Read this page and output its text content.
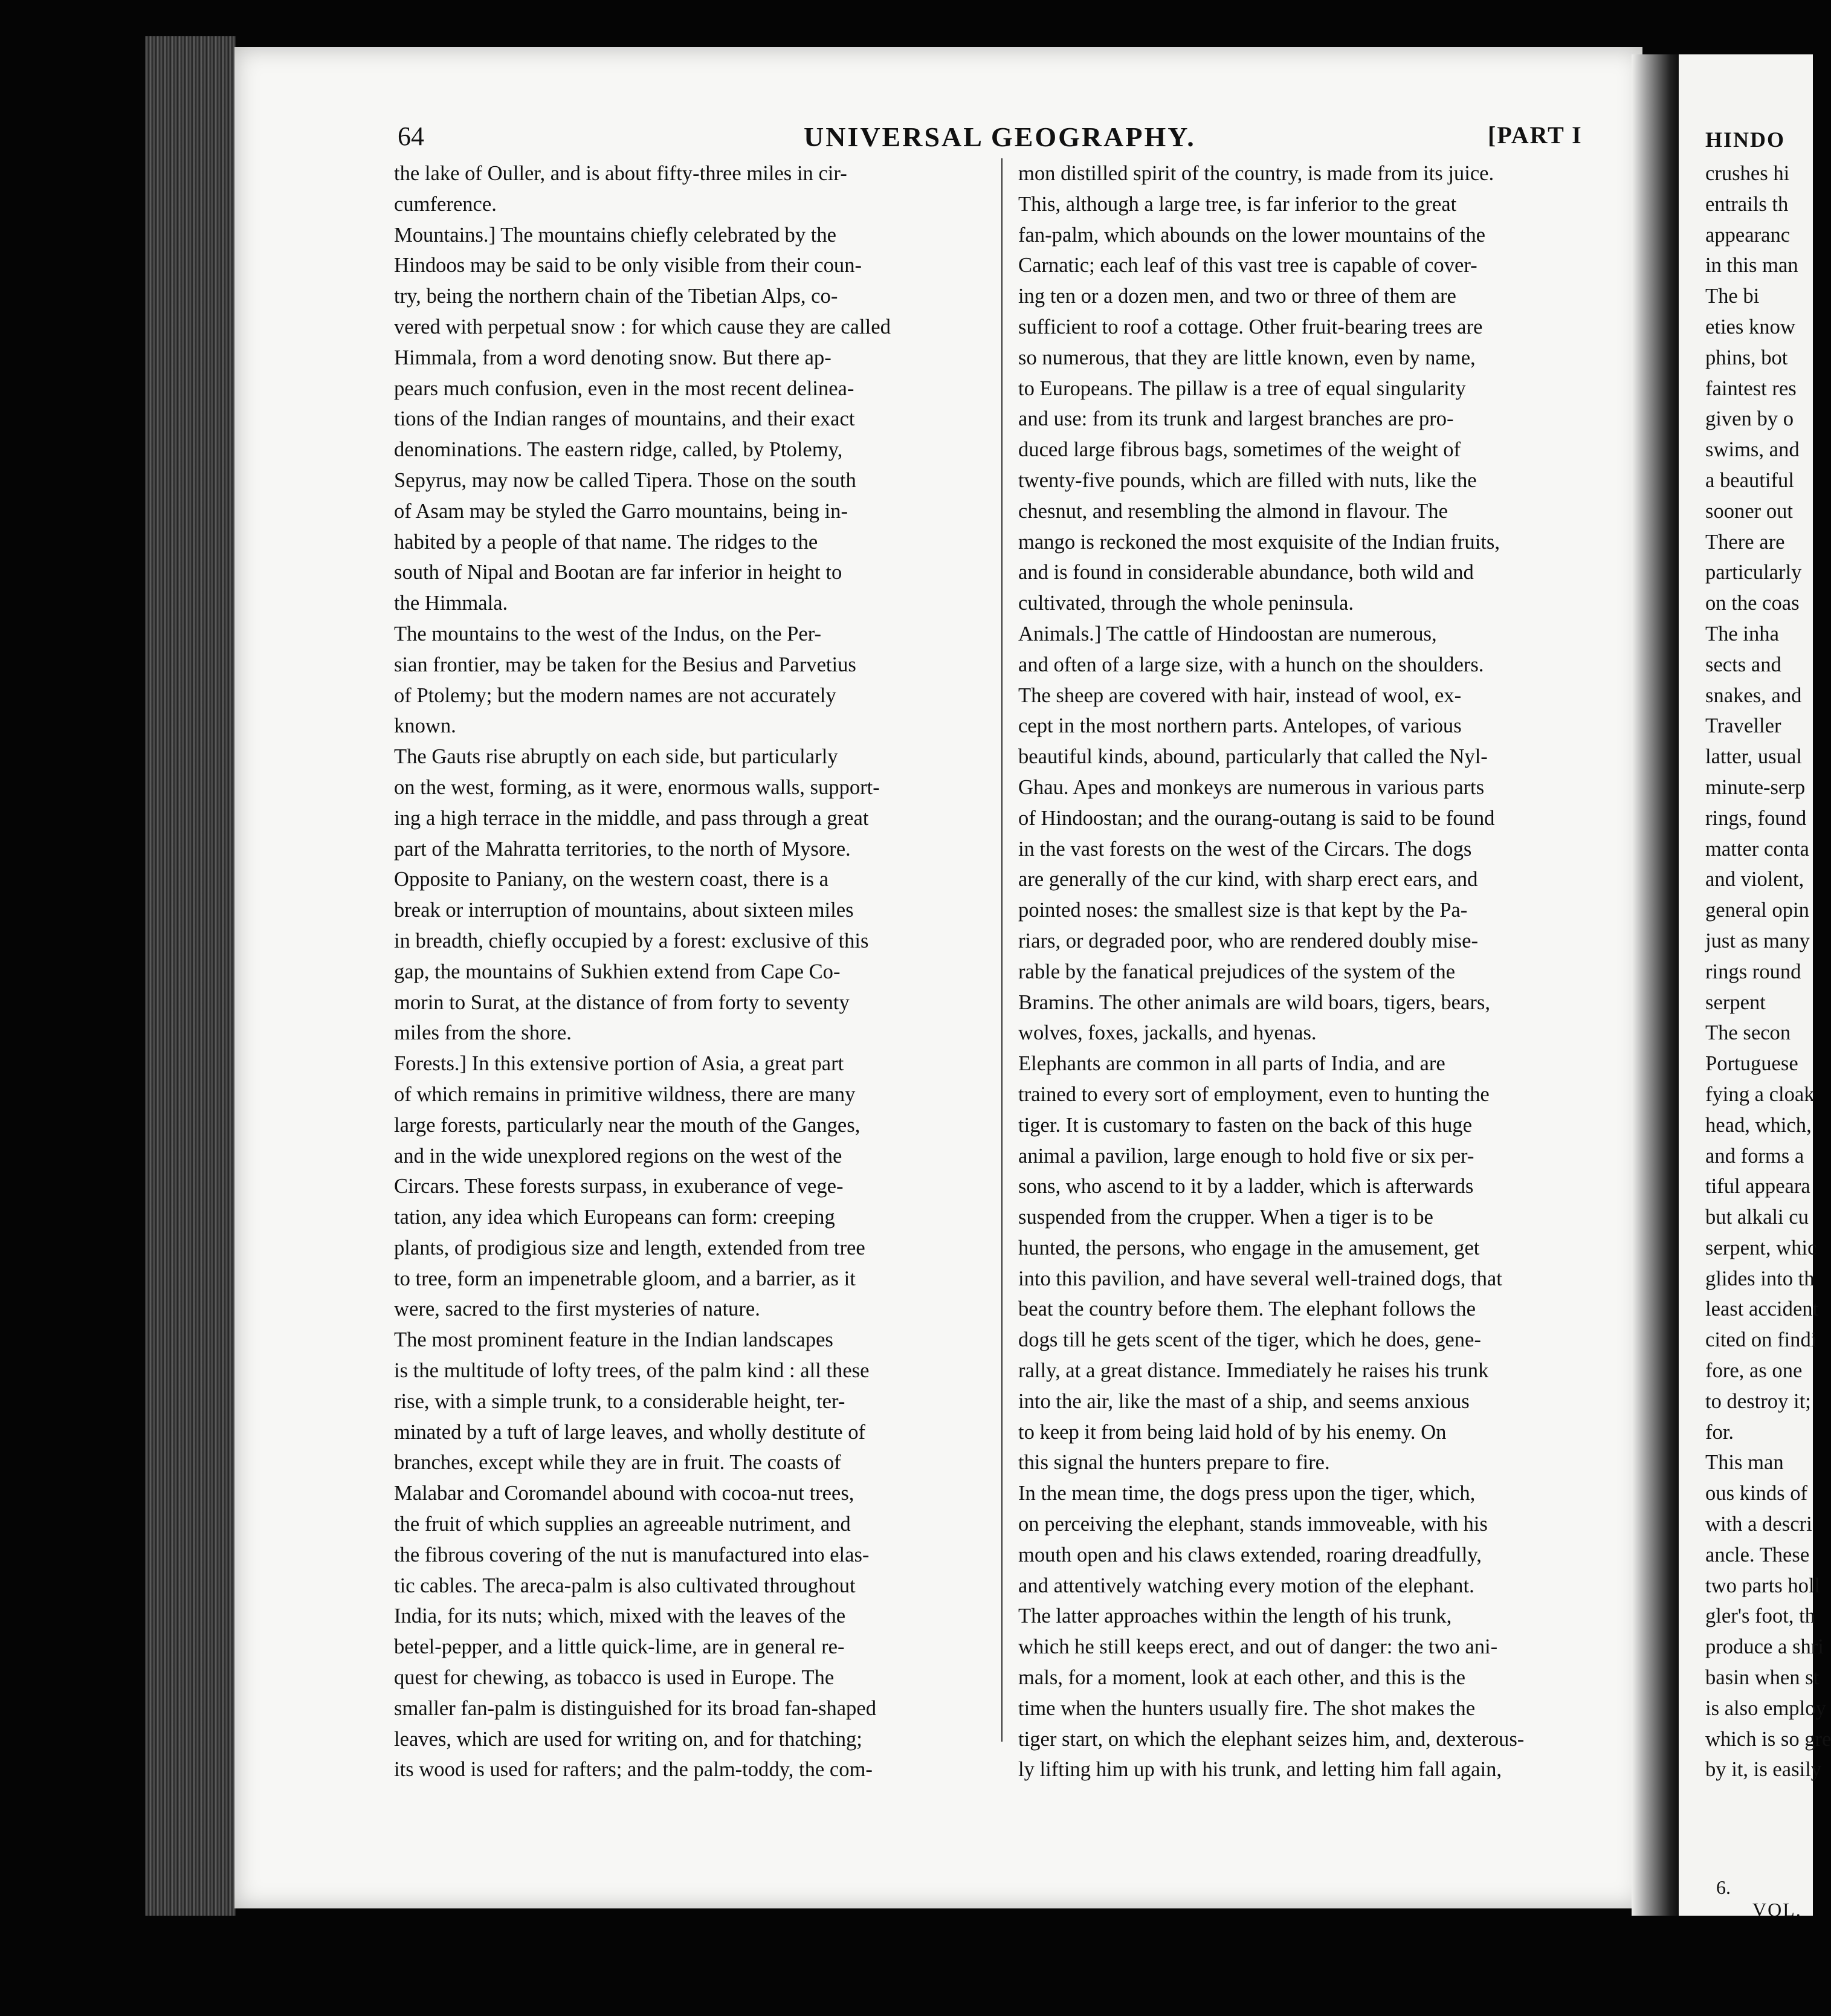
64	UNIVERSAL GEOGRAPHY.	[PART I
the lake of Ouller, and is about fifty-three miles in cir-
cumference.
Mountains.] The mountains chiefly celebrated by the
Hindoos may be said to be only visible from their coun-
try, being the northern chain of the Tibetian Alps, co-
vered with perpetual snow : for which cause they are called
Himmala, from a word denoting snow. But there ap-
pears much confusion, even in the most recent delinea-
tions of the Indian ranges of mountains, and their exact
denominations. The eastern ridge, called, by Ptolemy,
Sepyrus, may now be called Tipera. Those on the south
of Asam may be styled the Garro mountains, being in-
habited by a people of that name. The ridges to the
south of Nipal and Bootan are far inferior in height to
the Himmala.
The mountains to the west of the Indus, on the Per-
sian frontier, may be taken for the Besius and Parvetius
of Ptolemy; but the modern names are not accurately
known.
The Gauts rise abruptly on each side, but particularly
on the west, forming, as it were, enormous walls, support-
ing a high terrace in the middle, and pass through a great
part of the Mahratta territories, to the north of Mysore.
Opposite to Paniany, on the western coast, there is a
break or interruption of mountains, about sixteen miles
in breadth, chiefly occupied by a forest: exclusive of this
gap, the mountains of Sukhien extend from Cape Co-
morin to Surat, at the distance of from forty to seventy
miles from the shore.
Forests.] In this extensive portion of Asia, a great part
of which remains in primitive wildness, there are many
large forests, particularly near the mouth of the Ganges,
and in the wide unexplored regions on the west of the
Circars. These forests surpass, in exuberance of vege-
tation, any idea which Europeans can form: creeping
plants, of prodigious size and length, extended from tree
to tree, form an impenetrable gloom, and a barrier, as it
were, sacred to the first mysteries of nature.
The most prominent feature in the Indian landscapes
is the multitude of lofty trees, of the palm kind : all these
rise, with a simple trunk, to a considerable height, ter-
minated by a tuft of large leaves, and wholly destitute of
branches, except while they are in fruit. The coasts of
Malabar and Coromandel abound with cocoa-nut trees,
the fruit of which supplies an agreeable nutriment, and
the fibrous covering of the nut is manufactured into elas-
tic cables. The areca-palm is also cultivated throughout
India, for its nuts; which, mixed with the leaves of the
betel-pepper, and a little quick-lime, are in general re-
quest for chewing, as tobacco is used in Europe. The
smaller fan-palm is distinguished for its broad fan-shaped
leaves, which are used for writing on, and for thatching;
its wood is used for rafters; and the palm-toddy, the com-
mon distilled spirit of the country, is made from its juice.
This, although a large tree, is far inferior to the great
fan-palm, which abounds on the lower mountains of the
Carnatic; each leaf of this vast tree is capable of cover-
ing ten or a dozen men, and two or three of them are
sufficient to roof a cottage. Other fruit-bearing trees are
so numerous, that they are little known, even by name,
to Europeans. The pillaw is a tree of equal singularity
and use: from its trunk and largest branches are pro-
duced large fibrous bags, sometimes of the weight of
twenty-five pounds, which are filled with nuts, like the
chesnut, and resembling the almond in flavour. The
mango is reckoned the most exquisite of the Indian fruits,
and is found in considerable abundance, both wild and
cultivated, through the whole peninsula.
Animals.] The cattle of Hindoostan are numerous,
and often of a large size, with a hunch on the shoulders.
The sheep are covered with hair, instead of wool, ex-
cept in the most northern parts. Antelopes, of various
beautiful kinds, abound, particularly that called the Nyl-
Ghau. Apes and monkeys are numerous in various parts
of Hindoostan; and the ourang-outang is said to be found
in the vast forests on the west of the Circars. The dogs
are generally of the cur kind, with sharp erect ears, and
pointed noses: the smallest size is that kept by the Pa-
riars, or degraded poor, who are rendered doubly mise-
rable by the fanatical prejudices of the system of the
Bramins. The other animals are wild boars, tigers, bears,
wolves, foxes, jackalls, and hyenas.
Elephants are common in all parts of India, and are
trained to every sort of employment, even to hunting the
tiger. It is customary to fasten on the back of this huge
animal a pavilion, large enough to hold five or six per-
sons, who ascend to it by a ladder, which is afterwards
suspended from the crupper. When a tiger is to be
hunted, the persons, who engage in the amusement, get
into this pavilion, and have several well-trained dogs, that
beat the country before them. The elephant follows the
dogs till he gets scent of the tiger, which he does, gene-
rally, at a great distance. Immediately he raises his trunk
into the air, like the mast of a ship, and seems anxious
to keep it from being laid hold of by his enemy. On
this signal the hunters prepare to fire.
In the mean time, the dogs press upon the tiger, which,
on perceiving the elephant, stands immoveable, with his
mouth open and his claws extended, roaring dreadfully,
and attentively watching every motion of the elephant.
The latter approaches within the length of his trunk,
which he still keeps erect, and out of danger: the two ani-
mals, for a moment, look at each other, and this is the
time when the hunters usually fire. The shot makes the
tiger start, on which the elephant seizes him, and, dexterous-
ly lifting him up with his trunk, and letting him fall again,
HINDO
crushes hi
entrails th
appearanc
in this man
The bi
eties know
phins, bot
faintest res
given by o
swims, and
a beautiful
sooner out
There are
particularly
on the coas
The inha
sects and
snakes, and
Traveller
latter, usual
minute-serp
rings, found
matter conta
and violent,
general opin
just as many
rings round
serpent
The secon
Portuguese
fying a cloak
head, which,
and forms a
tiful appeara
but alkali cu
serpent, whic
glides into th
least accident
cited on findi
fore, as one
to destroy it;
for.
This man
ous kinds of
with a descri
ancle. These
two parts holl
gler's foot, th
produce a shri
basin when st
is also employ
which is so gre
by it, is easily
6. VOL.
